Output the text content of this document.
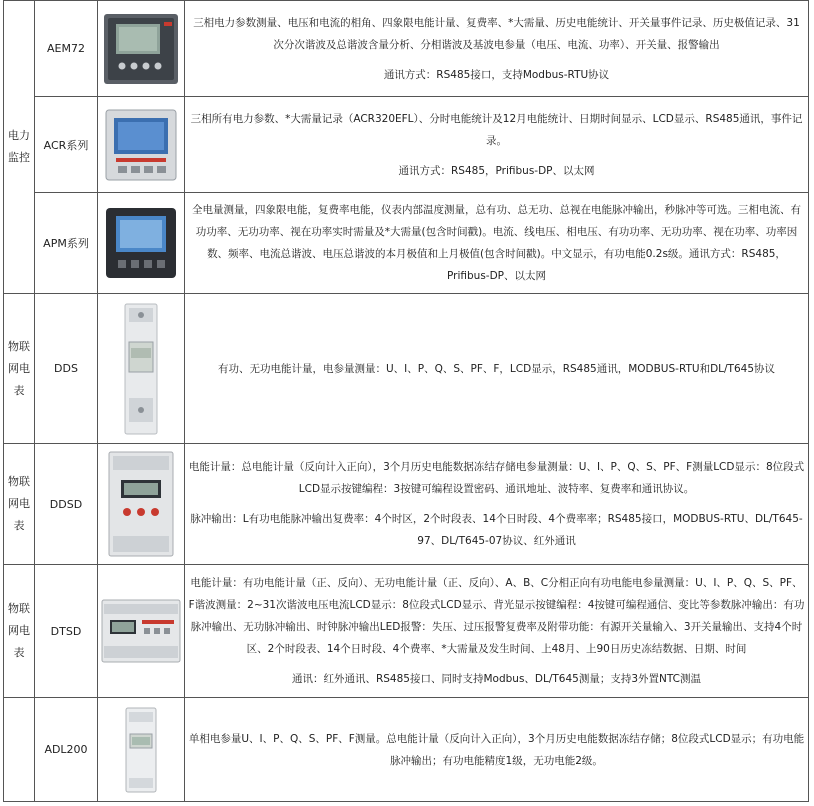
电力监控	AEM72		三相电力参数测量、电压和电流的相角、四象限电能计量、复费率、*大需量、历史电能统计、开关量事件记录、历史极值记录、31次分次谐波及总谐波含量分析、分相谐波及基波电参量（电压、电流、功率）、开关量、报警输出

通讯方式：RS485接口，支持Modbus-RTU协议

	ACR系列		三相所有电力参数、*大需量记录（ACR320EFL）、分时电能统计及12月电能统计、日期时间显示、LCD显示、RS485通讯，事件记录。

通讯方式：RS485，Prifibus-DP、以太网

	APM系列		全电量测量，四象限电能，复费率电能，仪表内部温度测量，总有功、总无功、总视在电能脉冲输出，秒脉冲等可选。三相电流、有功功率、无功功率、视在功率实时需量及*大需量(包含时间戳)。电流、线电压、相电压、有功功率、无功功率、视在功率、功率因数、频率、电流总谐波、电压总谐波的本月极值和上月极值(包含时间戳)。中文显示，有功电能0.2s级。通讯方式：RS485，Prifibus-DP、以太网

物联网电表	DDS		有功、无功电能计量，电参量测量：U、I、P、Q、S、PF、F，LCD显示，RS485通讯，MODBUS-RTU和DL/T645协议

物联网电表	DDSD		电能计量：总电能计量（反向计入正向），3个月历史电能数据冻结存储电参量测量：U、I、P、Q、S、PF、F测量LCD显示：8位段式LCD显示按键编程：3按键可编程设置密码、通讯地址、波特率、复费率和通讯协议。

脉冲输出：L有功电能脉冲输出复费率：4个时区，2个时段表、14个日时段、4个费率率；RS485接口，MODBUS-RTU、DL/T645-97、DL/T645-07协议、红外通讯

物联网电表	DTSD		电能计量：有功电能计量（正、反向）、无功电能计量（正、反向）、A、B、C分相正向有功电能电参量测量：U、I、P、Q、S、PF、F谐波测量：2~31次谐波电压电流LCD显示：8位段式LCD显示、背光显示按键编程：4按键可编程通信、变比等参数脉冲输出：有功脉冲输出、无功脉冲输出、时钟脉冲输出LED报警：失压、过压报警复费率及附带功能：有源开关量输入、3开关量输出、支持4个时区、2个时段表、14个日时段、4个费率、*大需量及发生时间、上48月、上90日历史冻结数据、日期、时间

通讯：红外通讯、RS485接口、同时支持Modbus、DL/T645测量；支持3外置NTC测温

	ADL200		单相电参量U、I、P、Q、S、PF、F测量。总电能计量（反向计入正向），3个月历史电能数据冻结存储；8位段式LCD显示；有功电能脉冲输出；有功电能精度1级，无功电能2级。
